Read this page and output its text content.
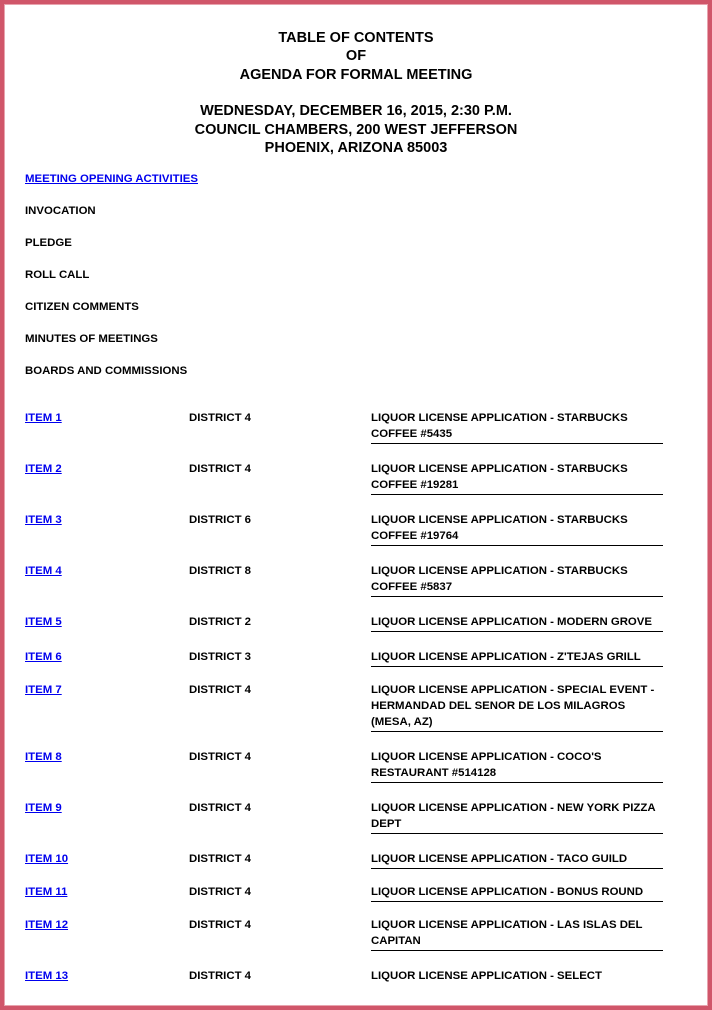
TABLE OF CONTENTS
OF
AGENDA FOR FORMAL MEETING
WEDNESDAY, DECEMBER 16, 2015, 2:30 P.M.
COUNCIL CHAMBERS, 200 WEST JEFFERSON
PHOENIX, ARIZONA 85003
MEETING OPENING ACTIVITIES
INVOCATION
PLEDGE
ROLL CALL
CITIZEN COMMENTS
MINUTES OF MEETINGS
BOARDS AND COMMISSIONS
ITEM 1	DISTRICT 4	LIQUOR LICENSE APPLICATION - STARBUCKS COFFEE #5435
ITEM 2	DISTRICT 4	LIQUOR LICENSE APPLICATION - STARBUCKS COFFEE #19281
ITEM 3	DISTRICT 6	LIQUOR LICENSE APPLICATION - STARBUCKS COFFEE #19764
ITEM 4	DISTRICT 8	LIQUOR LICENSE APPLICATION - STARBUCKS COFFEE #5837
ITEM 5	DISTRICT 2	LIQUOR LICENSE APPLICATION - MODERN GROVE
ITEM 6	DISTRICT 3	LIQUOR LICENSE APPLICATION - Z'TEJAS GRILL
ITEM 7	DISTRICT 4	LIQUOR LICENSE APPLICATION - SPECIAL EVENT - HERMANDAD DEL SENOR DE LOS MILAGROS (MESA, AZ)
ITEM 8	DISTRICT 4	LIQUOR LICENSE APPLICATION - COCO'S RESTAURANT #514128
ITEM 9	DISTRICT 4	LIQUOR LICENSE APPLICATION - NEW YORK PIZZA DEPT
ITEM 10	DISTRICT 4	LIQUOR LICENSE APPLICATION - TACO GUILD
ITEM 11	DISTRICT 4	LIQUOR LICENSE APPLICATION - BONUS ROUND
ITEM 12	DISTRICT 4	LIQUOR LICENSE APPLICATION - LAS ISLAS DEL CAPITAN
ITEM 13	DISTRICT 4	LIQUOR LICENSE APPLICATION - SELECT
